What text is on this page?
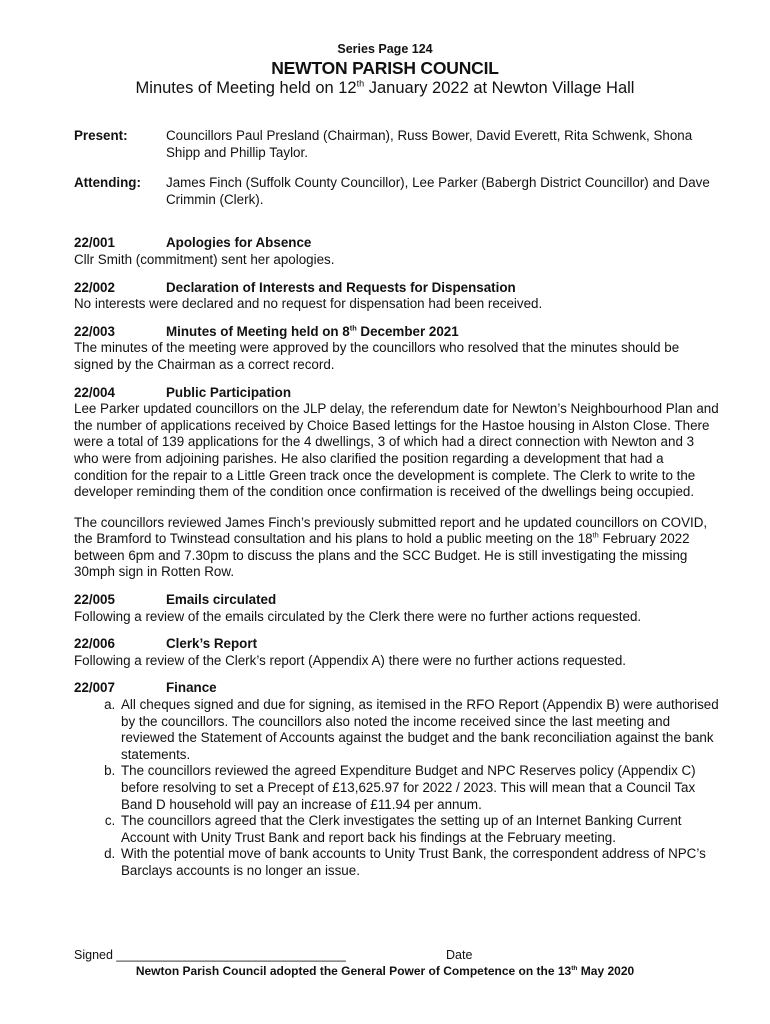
Series Page 124
NEWTON PARISH COUNCIL
Minutes of Meeting held on 12th January 2022 at Newton Village Hall
Present:	Councillors Paul Presland (Chairman), Russ Bower, David Everett, Rita Schwenk, Shona Shipp and Phillip Taylor.
Attending:	James Finch (Suffolk County Councillor), Lee Parker (Babergh District Councillor) and Dave Crimmin (Clerk).
22/001	Apologies for Absence

Cllr Smith (commitment) sent her apologies.

22/002	Declaration of Interests and Requests for Dispensation

No interests were declared and no request for dispensation had been received.

22/003	Minutes of Meeting held on 8th December 2021

The minutes of the meeting were approved by the councillors who resolved that the minutes should be signed by the Chairman as a correct record.

22/004	Public Participation

Lee Parker updated councillors on the JLP delay, the referendum date for Newton’s Neighbourhood Plan and the number of applications received by Choice Based lettings for the Hastoe housing in Alston Close. There were a total of 139 applications for the 4 dwellings, 3 of which had a direct connection with Newton and 3 who were from adjoining parishes. He also clarified the position regarding a development that had a condition for the repair to a Little Green track once the development is complete. The Clerk to write to the developer reminding them of the condition once confirmation is received of the dwellings being occupied.

The councillors reviewed James Finch’s previously submitted report and he updated councillors on COVID, the Bramford to Twinstead consultation and his plans to hold a public meeting on the 18th February 2022 between 6pm and 7.30pm to discuss the plans and the SCC Budget. He is still investigating the missing 30mph sign in Rotten Row.

22/005	Emails circulated

Following a review of the emails circulated by the Clerk there were no further actions requested.

22/006	Clerk’s Report

Following a review of the Clerk’s report (Appendix A) there were no further actions requested.

22/007	Finance
a. All cheques signed and due for signing, as itemised in the RFO Report (Appendix B) were authorised by the councillors. The councillors also noted the income received since the last meeting and reviewed the Statement of Accounts against the budget and the bank reconciliation against the bank statements.
b. The councillors reviewed the agreed Expenditure Budget and NPC Reserves policy (Appendix C) before resolving to set a Precept of £13,625.97 for 2022 / 2023. This will mean that a Council Tax Band D household will pay an increase of £11.94 per annum.
c. The councillors agreed that the Clerk investigates the setting up of an Internet Banking Current Account with Unity Trust Bank and report back his findings at the February meeting.
d. With the potential move of bank accounts to Unity Trust Bank, the correspondent address of NPC’s Barclays accounts is no longer an issue.
Signed _________________________________	Date
Newton Parish Council adopted the General Power of Competence on the 13th May 2020
